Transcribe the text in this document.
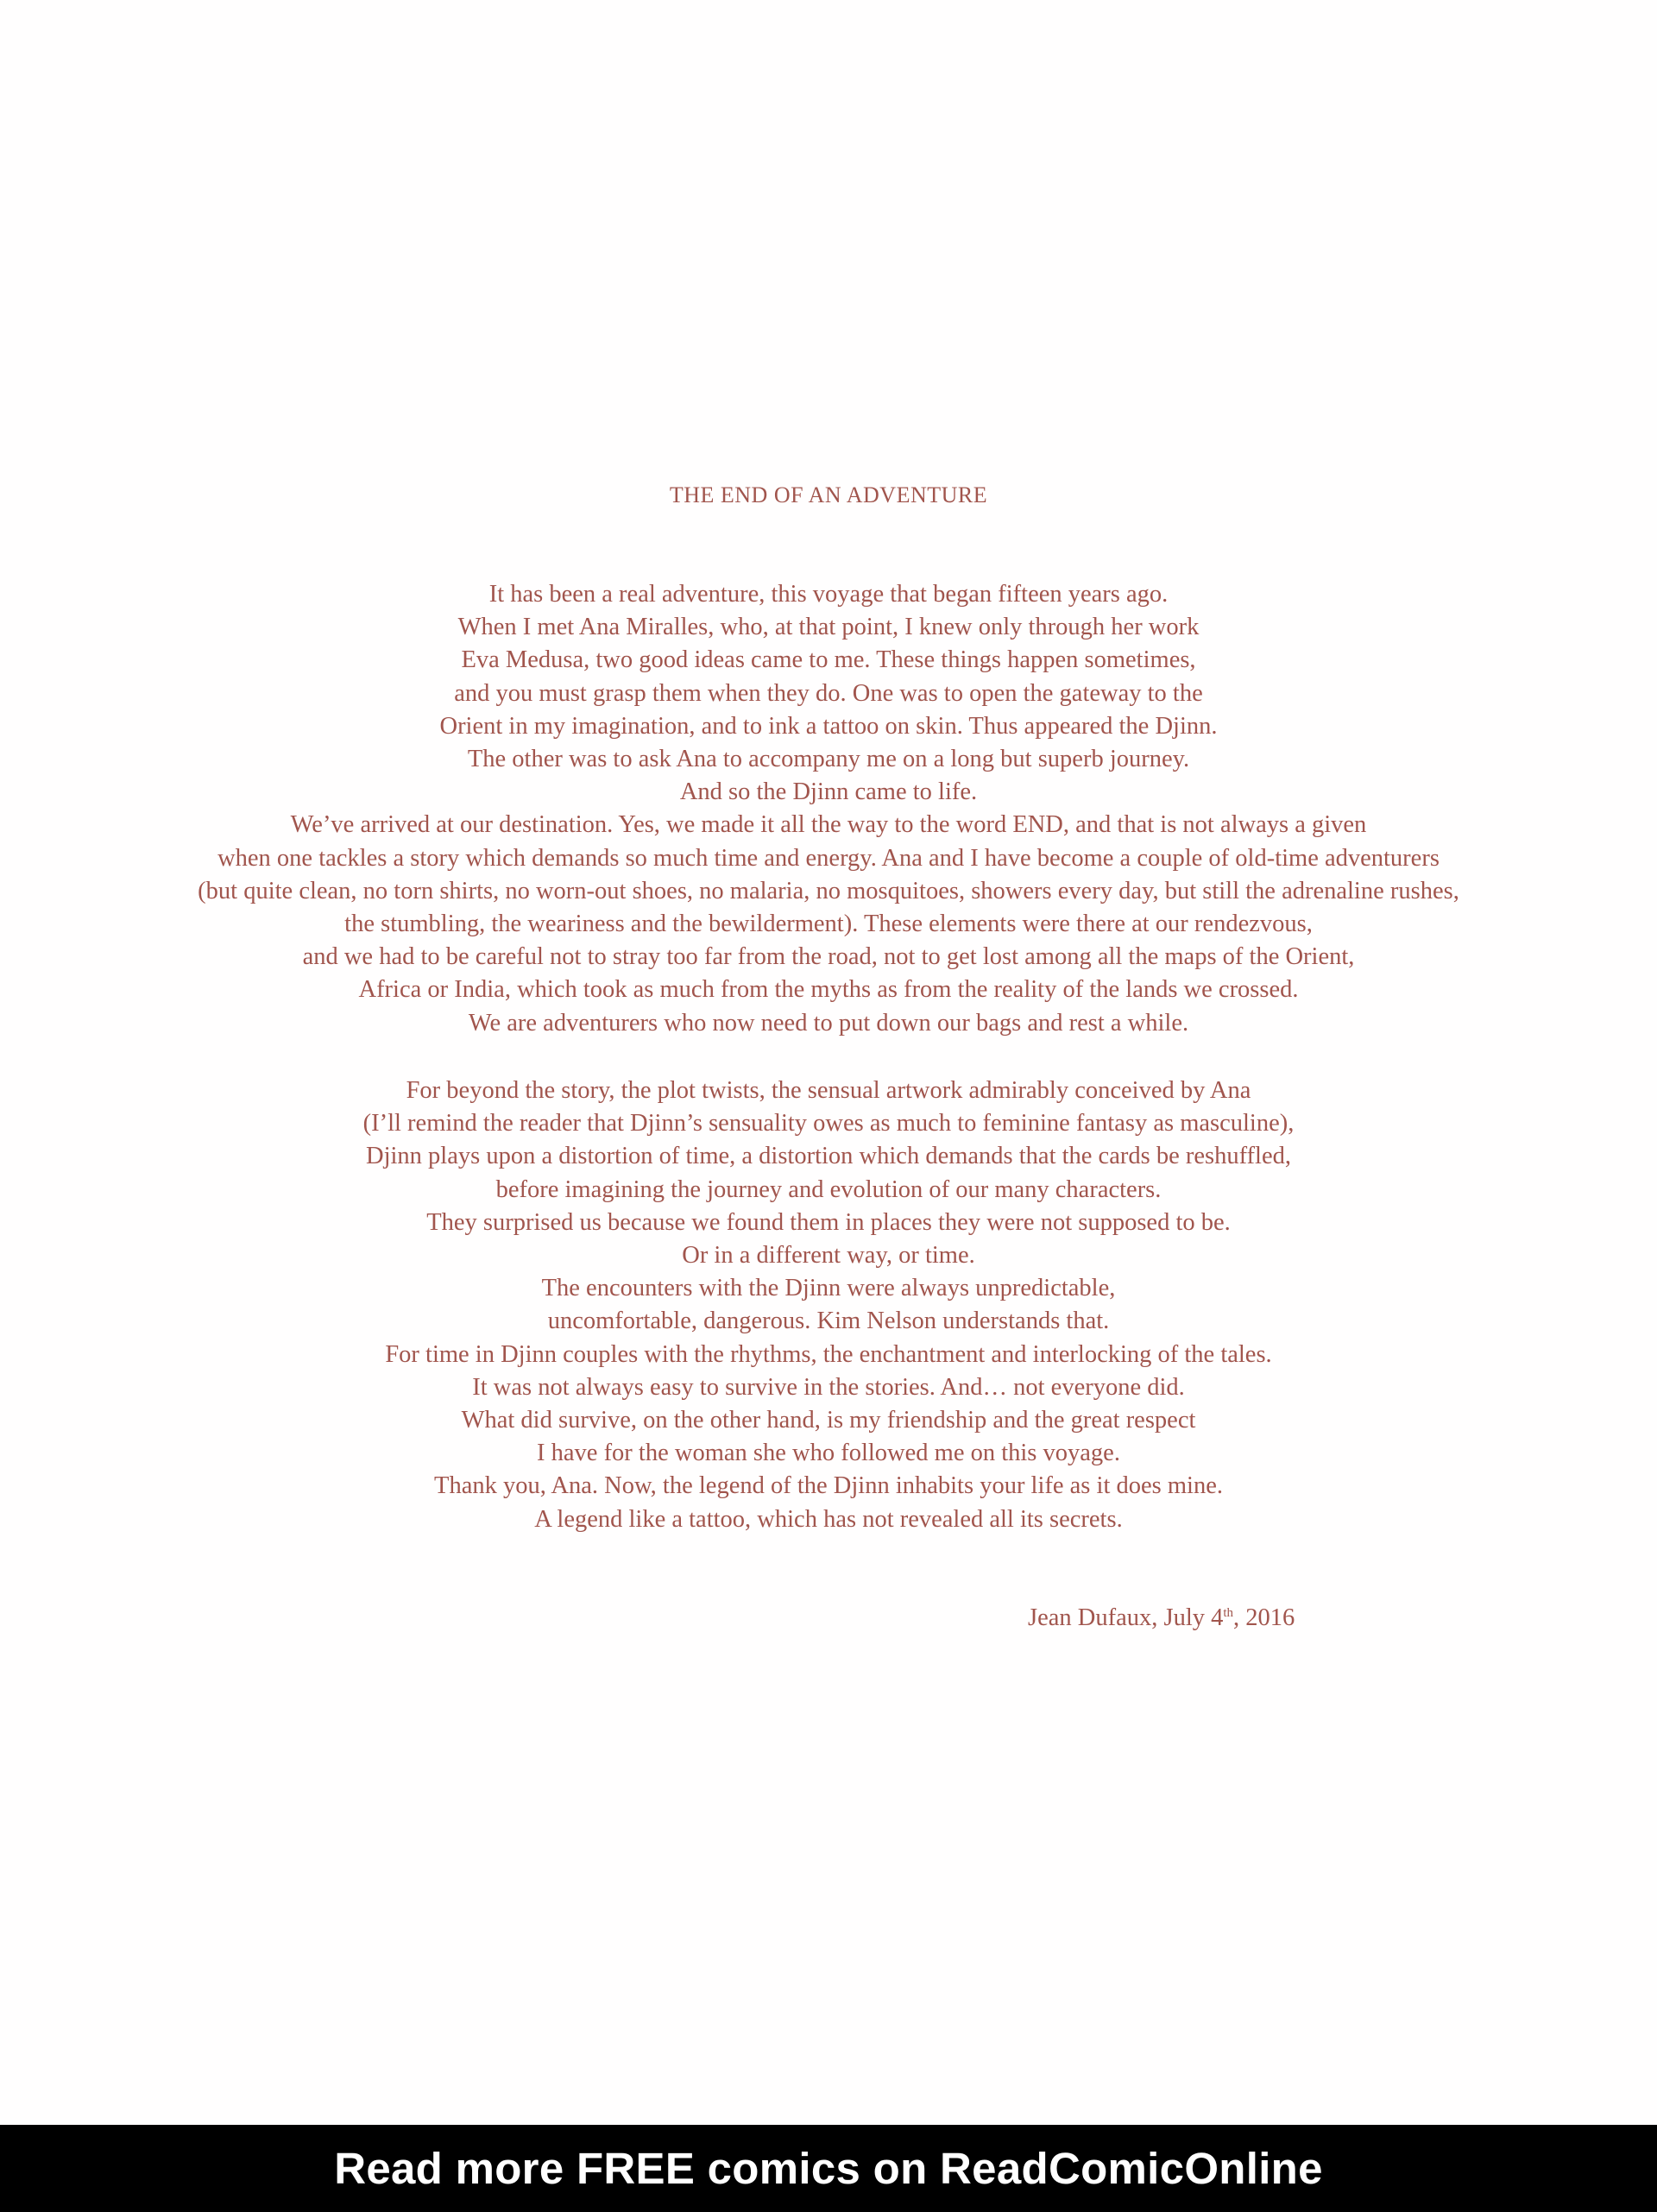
THE END OF AN ADVENTURE
It has been a real adventure, this voyage that began fifteen years ago.
When I met Ana Miralles, who, at that point, I knew only through her work
Eva Medusa, two good ideas came to me. These things happen sometimes,
and you must grasp them when they do. One was to open the gateway to the
Orient in my imagination, and to ink a tattoo on skin. Thus appeared the Djinn.
The other was to ask Ana to accompany me on a long but superb journey.
And so the Djinn came to life.
We’ve arrived at our destination. Yes, we made it all the way to the word END, and that is not always a given
when one tackles a story which demands so much time and energy. Ana and I have become a couple of old-time adventurers
(but quite clean, no torn shirts, no worn-out shoes, no malaria, no mosquitoes, showers every day, but still the adrenaline rushes,
the stumbling, the weariness and the bewilderment). These elements were there at our rendezvous,
and we had to be careful not to stray too far from the road, not to get lost among all the maps of the Orient,
Africa or India, which took as much from the myths as from the reality of the lands we crossed.
We are adventurers who now need to put down our bags and rest a while.
For beyond the story, the plot twists, the sensual artwork admirably conceived by Ana
(I’ll remind the reader that Djinn’s sensuality owes as much to feminine fantasy as masculine),
Djinn plays upon a distortion of time, a distortion which demands that the cards be reshuffled,
before imagining the journey and evolution of our many characters.
They surprised us because we found them in places they were not supposed to be.
Or in a different way, or time.
The encounters with the Djinn were always unpredictable,
uncomfortable, dangerous. Kim Nelson understands that.
For time in Djinn couples with the rhythms, the enchantment and interlocking of the tales.
It was not always easy to survive in the stories. And… not everyone did.
What did survive, on the other hand, is my friendship and the great respect
I have for the woman she who followed me on this voyage.
Thank you, Ana. Now, the legend of the Djinn inhabits your life as it does mine.
A legend like a tattoo, which has not revealed all its secrets.
Jean Dufaux, July 4th, 2016
Read more FREE comics on ReadComicOnline
